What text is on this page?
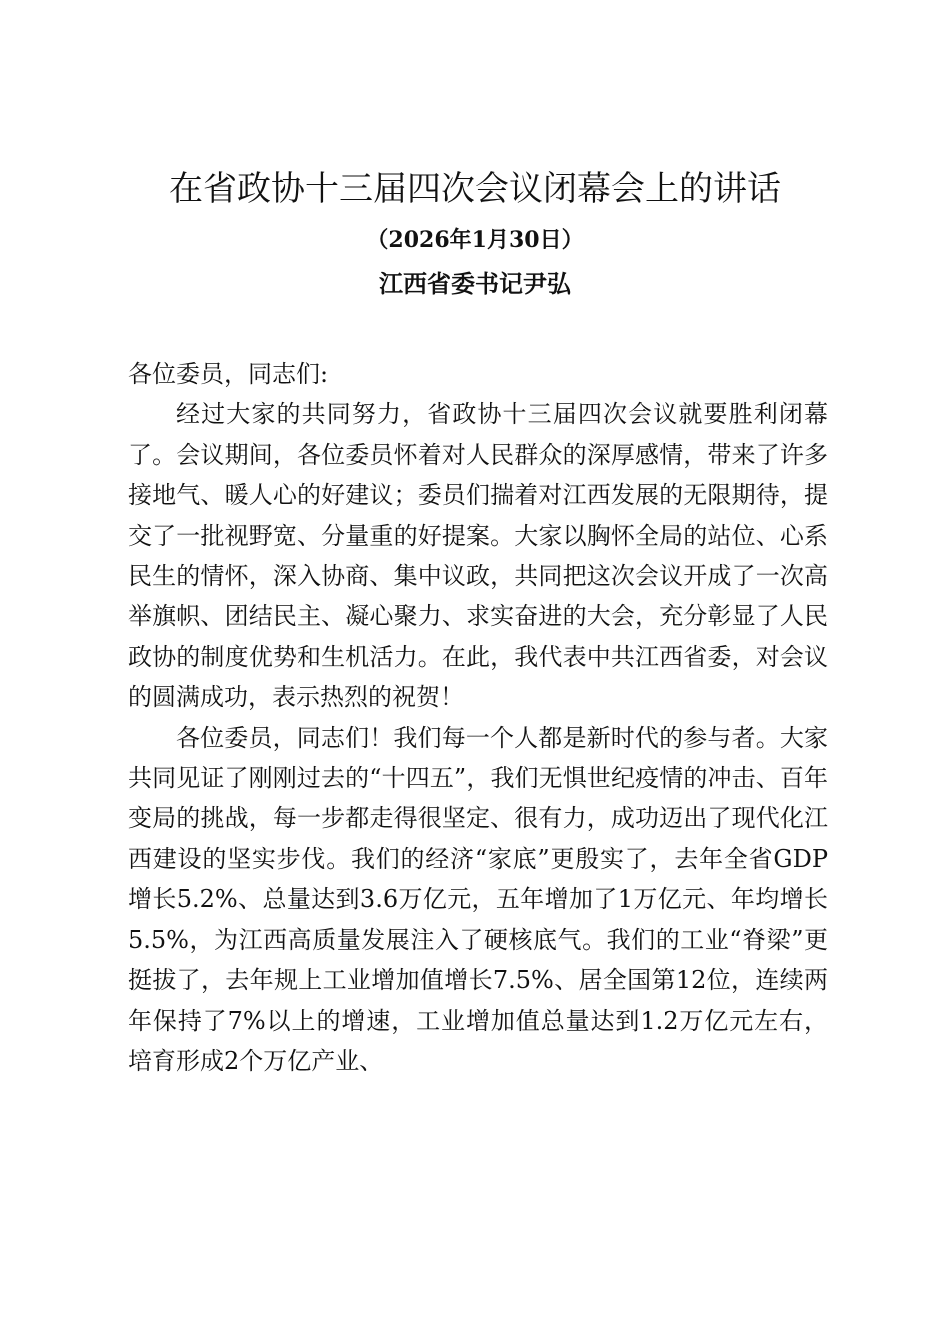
在省政协十三届四次会议闭幕会上的讲话
（2026年1月30日）
江西省委书记尹弘

各位委员，同志们:

经过大家的共同努力，省政协十三届四次会议就要胜利闭幕了。会议期间，各位委员怀着对人民群众的深厚感情，带来了许多接地气、暖人心的好建议；委员们揣着对江西发展的无限期待，提交了一批视野宽、分量重的好提案。大家以胸怀全局的站位、心系民生的情怀，深入协商、集中议政，共同把这次会议开成了一次高举旗帜、团结民主、凝心聚力、求实奋进的大会，充分彰显了人民政协的制度优势和生机活力。在此，我代表中共江西省委，对会议的圆满成功，表示热烈的祝贺！

各位委员，同志们！我们每一个人都是新时代的参与者。大家共同见证了刚刚过去的“十四五”，我们无惧世纪疫情的冲击、百年变局的挑战，每一步都走得很坚定、很有力，成功迈出了现代化江西建设的坚实步伐。我们的经济“家底”更殷实了，去年全省GDP增长5.2%、总量达到3.6万亿元，五年增加了1万亿元、年均增长5.5%，为江西高质量发展注入了硬核底气。我们的工业“脊梁”更挺拔了，去年规上工业增加值增长7.5%、居全国第12位，连续两年保持了7%以上的增速，工业增加值总量达到1.2万亿元左右，培育形成2个万亿产业、
